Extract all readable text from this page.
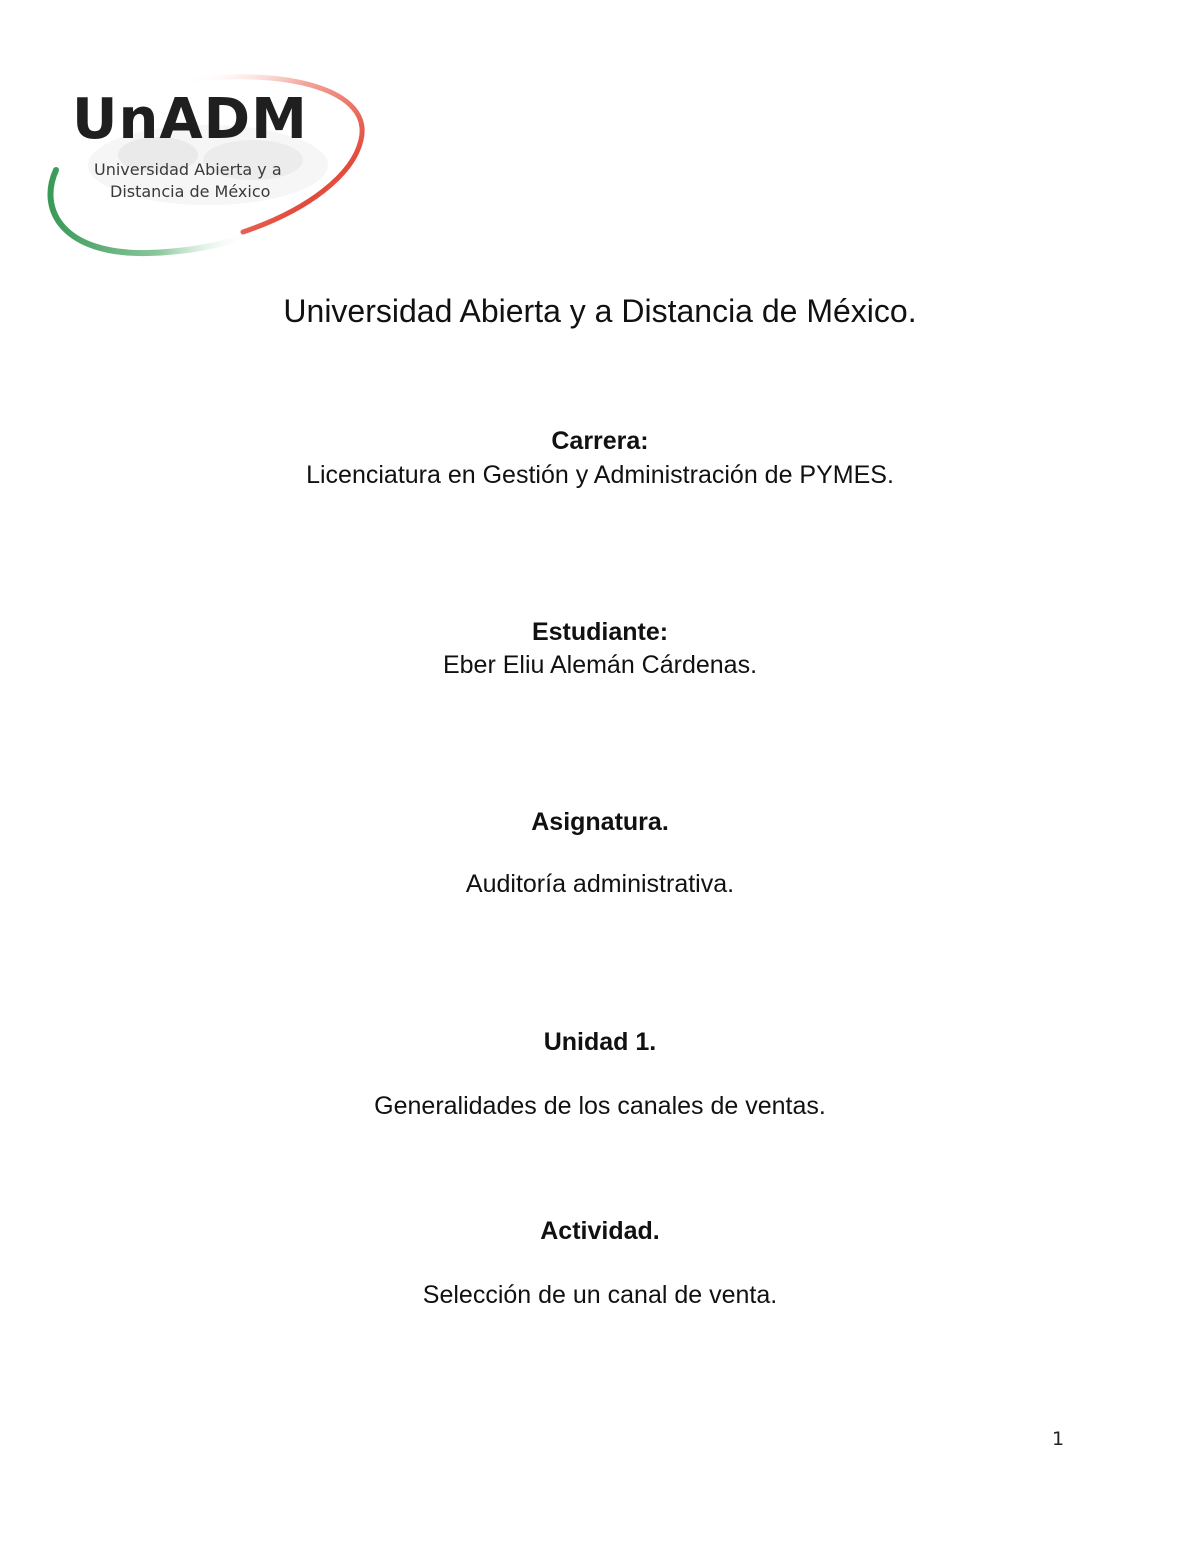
UnADM
Universidad Abierta y a
Distancia de México
Universidad Abierta y a Distancia de México.
Carrera:
Licenciatura en Gestión y Administración de PYMES.
Estudiante:
Eber Eliu Alemán Cárdenas.
Asignatura.
Auditoría administrativa.
Unidad 1.
Generalidades de los canales de ventas.
Actividad.
Selección de un canal de venta.
1
